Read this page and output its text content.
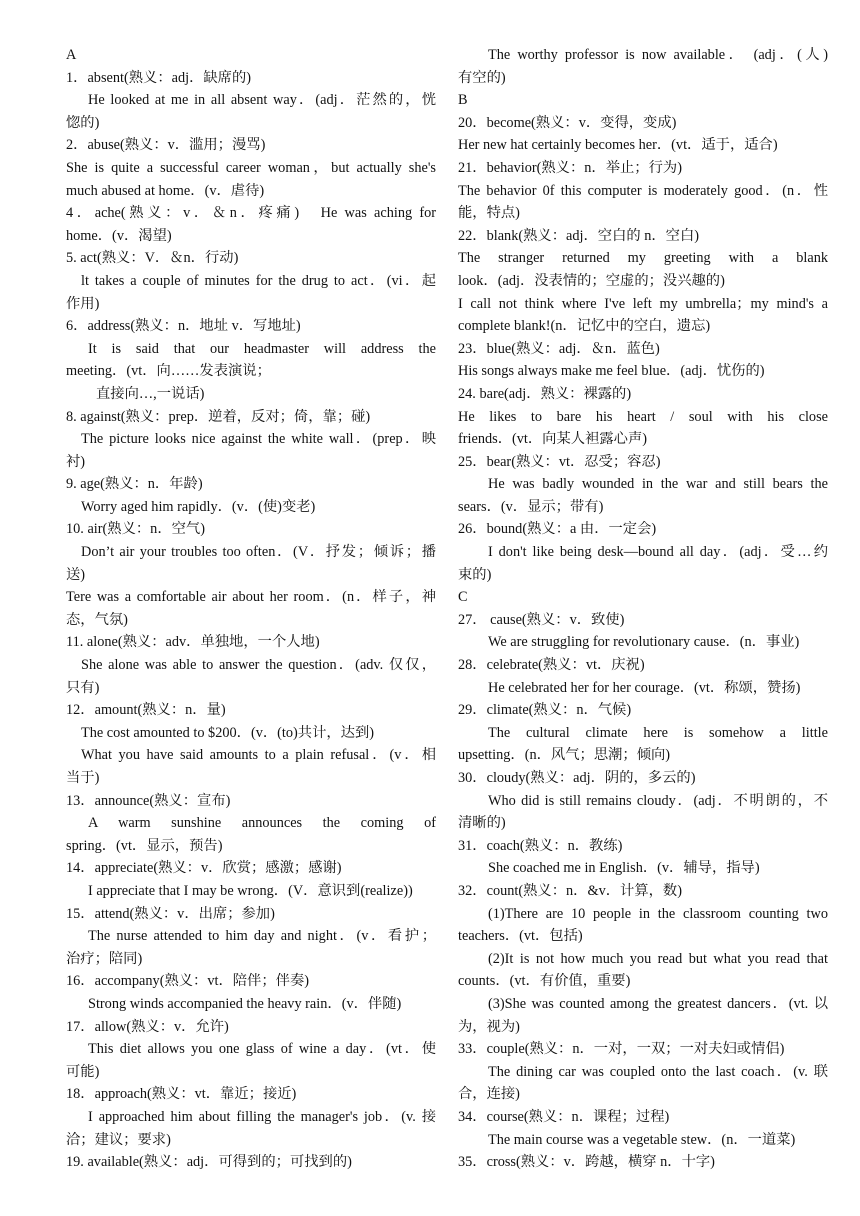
A
1．absent(熟义：adj．缺席的)
He looked at me in all absent way．(adj．茫然的，恍
惚的)
2．abuse(熟义：v．滥用；漫骂)
She is quite a successful career woman，but actually she's
much abused at home．(v．虐待)
4．ache(熟义：v．＆n．疼痛)　He was aching for
home．(v．渴望)
5. act(熟义：V．＆n．行动)
lt takes a couple of minutes for the drug to act．(vi．起
作用)
6．address(熟义：n．地址 v．写地址)
It is said that our headmaster will address the
meeting．(vt．向……发表演说；
直接向…,一说话)
8. against(熟义：prep．逆着，反对；倚，靠；碰)
The picture looks nice against the white wall．(prep．映
衬)
9. age(熟义：n．年龄)
Worry aged him rapidly．(v．(使)变老)
10. air(熟义：n．空气)
Don’t air your troubles too often．(V．抒发；倾诉；播
送)
Tere was a comfortable air about her room．(n．样子，神
态，气氛)
11. alone(熟义：adv．单独地，一个人地)
She alone was able to answer the question．(adv. 仅仅，
只有)
12．amount(熟义：n．量)
The cost amounted to $200．(v．(to)共计，达到)
What you have said amounts to a plain refusal．(v．相
当于)
13．announce(熟义：宣布)
A warm sunshine announces the coming of
spring．(vt．显示，预告)
14．appreciate(熟义：v．欣赏；感激；感谢)
I appreciate that I may be wrong．(V．意识到(realize))
15．attend(熟义：v．出席；参加)
The nurse attended to him day and night．(v．看护；
治疗；陪同)
16．accompany(熟义：vt．陪伴；伴奏)
Strong winds accompanied the heavy rain．(v．伴随)
17．allow(熟义：v．允许)
This diet allows you one glass of wine a day．(vt．使
可能)
18．approach(熟义：vt．靠近；接近)
I approached him about filling the manager's job．(v. 接
洽；建议；要求)
19. available(熟义：adj．可得到的；可找到的)
The worthy professor is now available． (adj．(人)
有空的)
B
20．become(熟义：v．变得，变成)
Her new hat certainly becomes her．(vt．适于，适合)
21．behavior(熟义：n．举止；行为)
The behavior 0f this computer is moderately good．(n．性
能，特点)
22．blank(熟义：adj．空白的 n．空白)
The stranger returned my greeting with a blank
look．(adj．没表情的；空虚的；没兴趣的)
I call not think where I've left my umbrella；my mind's a
complete blank!(n．记忆中的空白，遗忘)
23．blue(熟义：adj．＆n．蓝色)
His songs always make me feel blue．(adj．忧伤的)
24. bare(adj．熟义：裸露的)
He likes to bare his heart / soul with his close
friends．(vt．向某人袒露心声)
25．bear(熟义：vt．忍受；容忍)
He was badly wounded in the war and still bears the
sears．(v．显示；带有)
26．bound(熟义：a 由．一定会)
I don't like being desk—bound all day．(adj．受…约
束的)
C
27． cause(熟义：v．致使)
We are struggling for revolutionary cause．(n．事业)
28．celebrate(熟义：vt．庆祝)
He celebrated her for her courage．(vt．称颂，赞扬)
29．climate(熟义：n．气候)
The cultural climate here is somehow a little
upsetting．(n．风气；思潮；倾向)
30．cloudy(熟义：adj．阴的，多云的)
Who did is still remains cloudy．(adj．不明朗的，不
清晰的)
31．coach(熟义：n．教练)
She coached me in English．(v．辅导，指导)
32．count(熟义：n．&v．计算，数)
(1)There are 10 people in the classroom counting two
teachers．(vt．包括)
(2)It is not how much you read but what you read that
counts．(vt．有价值，重要)
(3)She was counted among the greatest dancers．(vt. 以
为，视为)
33．couple(熟义：n．一对，一双；一对夫妇或情侣)
The dining car was coupled onto the last coach．(v. 联
合，连接)
34．course(熟义：n．课程；过程)
The main course was a vegetable stew．(n．一道菜)
35．cross(熟义：v．跨越，横穿 n．十字)
